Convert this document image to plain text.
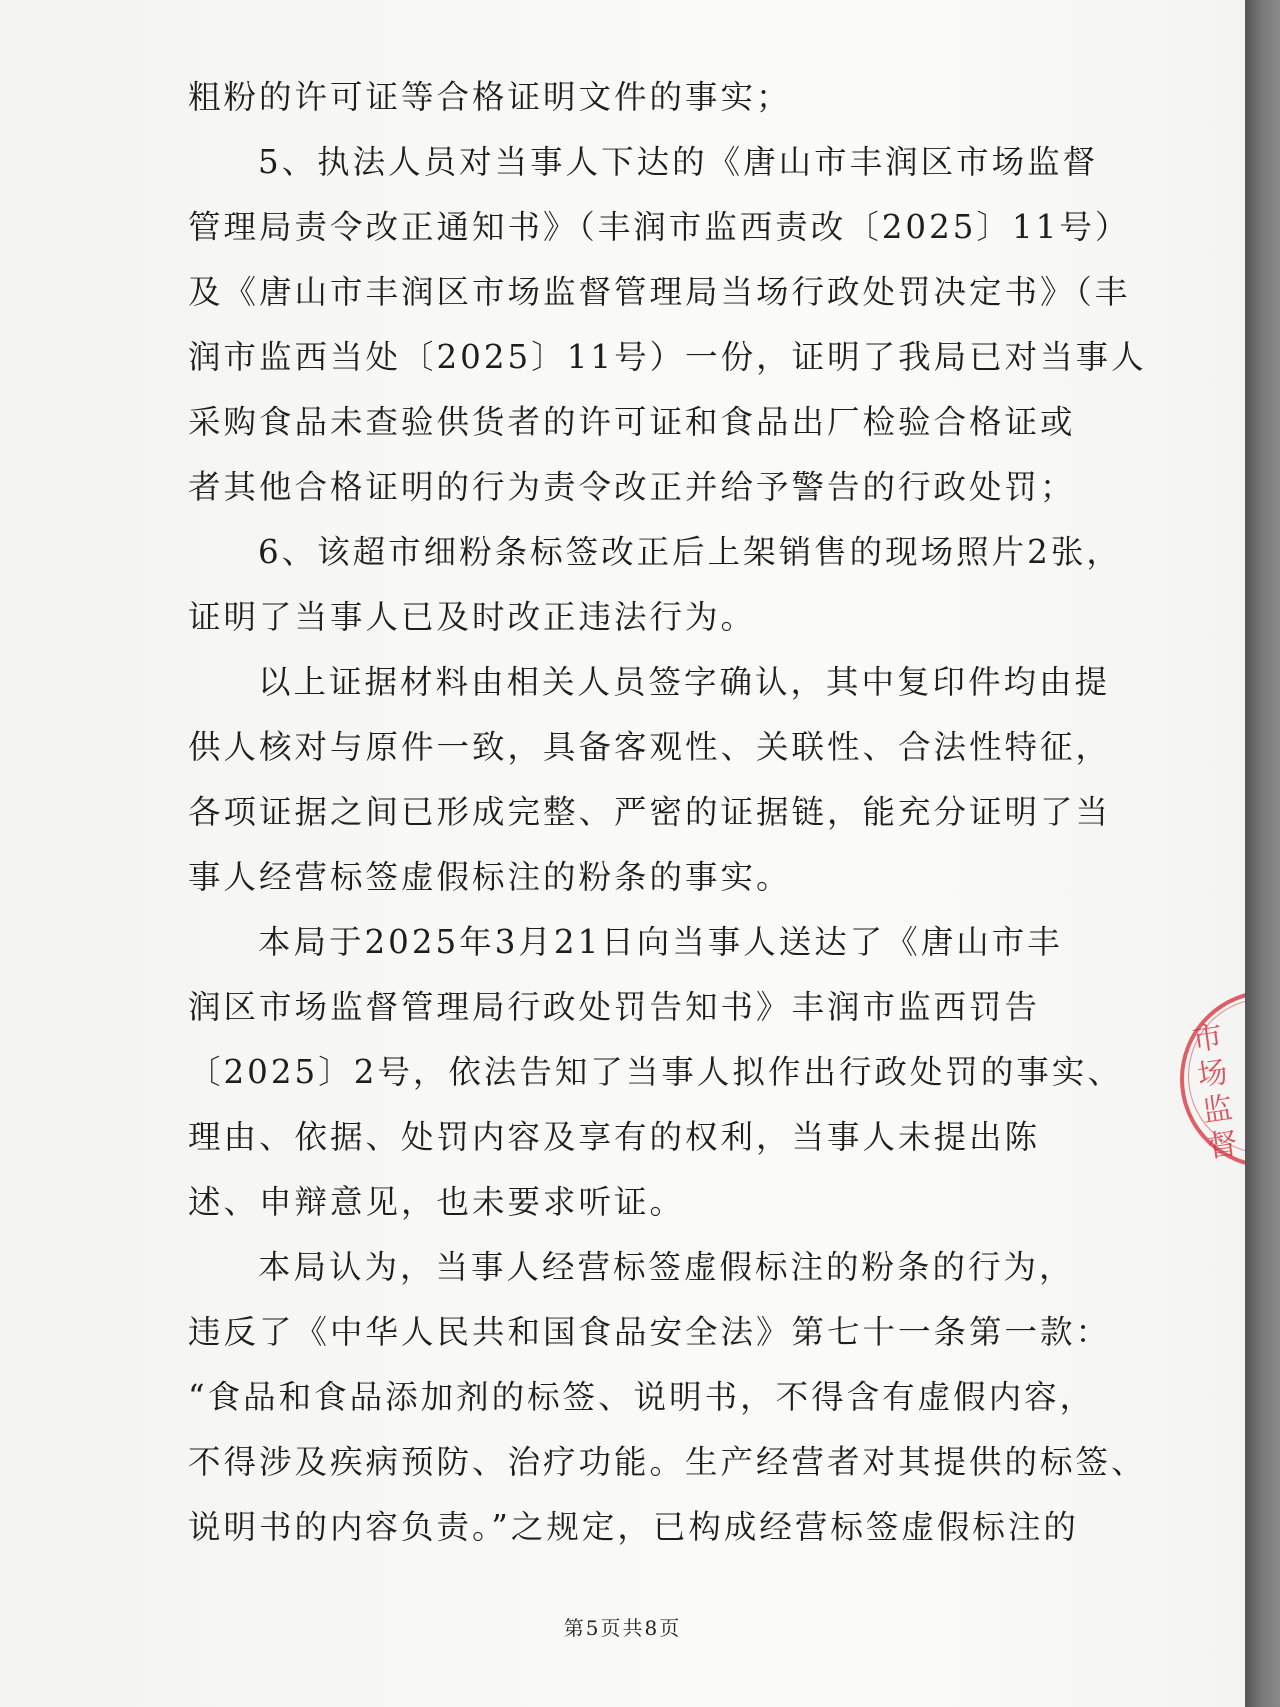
粗粉的许可证等合格证明文件的事实；
5、执法人员对当事人下达的《唐山市丰润区市场监督
管理局责令改正通知书》（丰润市监西责改〔2025〕11号）
及《唐山市丰润区市场监督管理局当场行政处罚决定书》（丰
润市监西当处〔2025〕11号）一份，证明了我局已对当事人
采购食品未查验供货者的许可证和食品出厂检验合格证或
者其他合格证明的行为责令改正并给予警告的行政处罚；
6、该超市细粉条标签改正后上架销售的现场照片2张，
证明了当事人已及时改正违法行为。
以上证据材料由相关人员签字确认，其中复印件均由提
供人核对与原件一致，具备客观性、关联性、合法性特征，
各项证据之间已形成完整、严密的证据链，能充分证明了当
事人经营标签虚假标注的粉条的事实。
本局于2025年3月21日向当事人送达了《唐山市丰
润区市场监督管理局行政处罚告知书》丰润市监西罚告
〔2025〕2号，依法告知了当事人拟作出行政处罚的事实、
理由、依据、处罚内容及享有的权利，当事人未提出陈
述、申辩意见，也未要求听证。
本局认为，当事人经营标签虚假标注的粉条的行为，
违反了《中华人民共和国食品安全法》第七十一条第一款：
“食品和食品添加剂的标签、说明书，不得含有虚假内容，
不得涉及疾病预防、治疗功能。生产经营者对其提供的标签、
说明书的内容负责。”之规定，已构成经营标签虚假标注的
第5页共8页
市场监督
